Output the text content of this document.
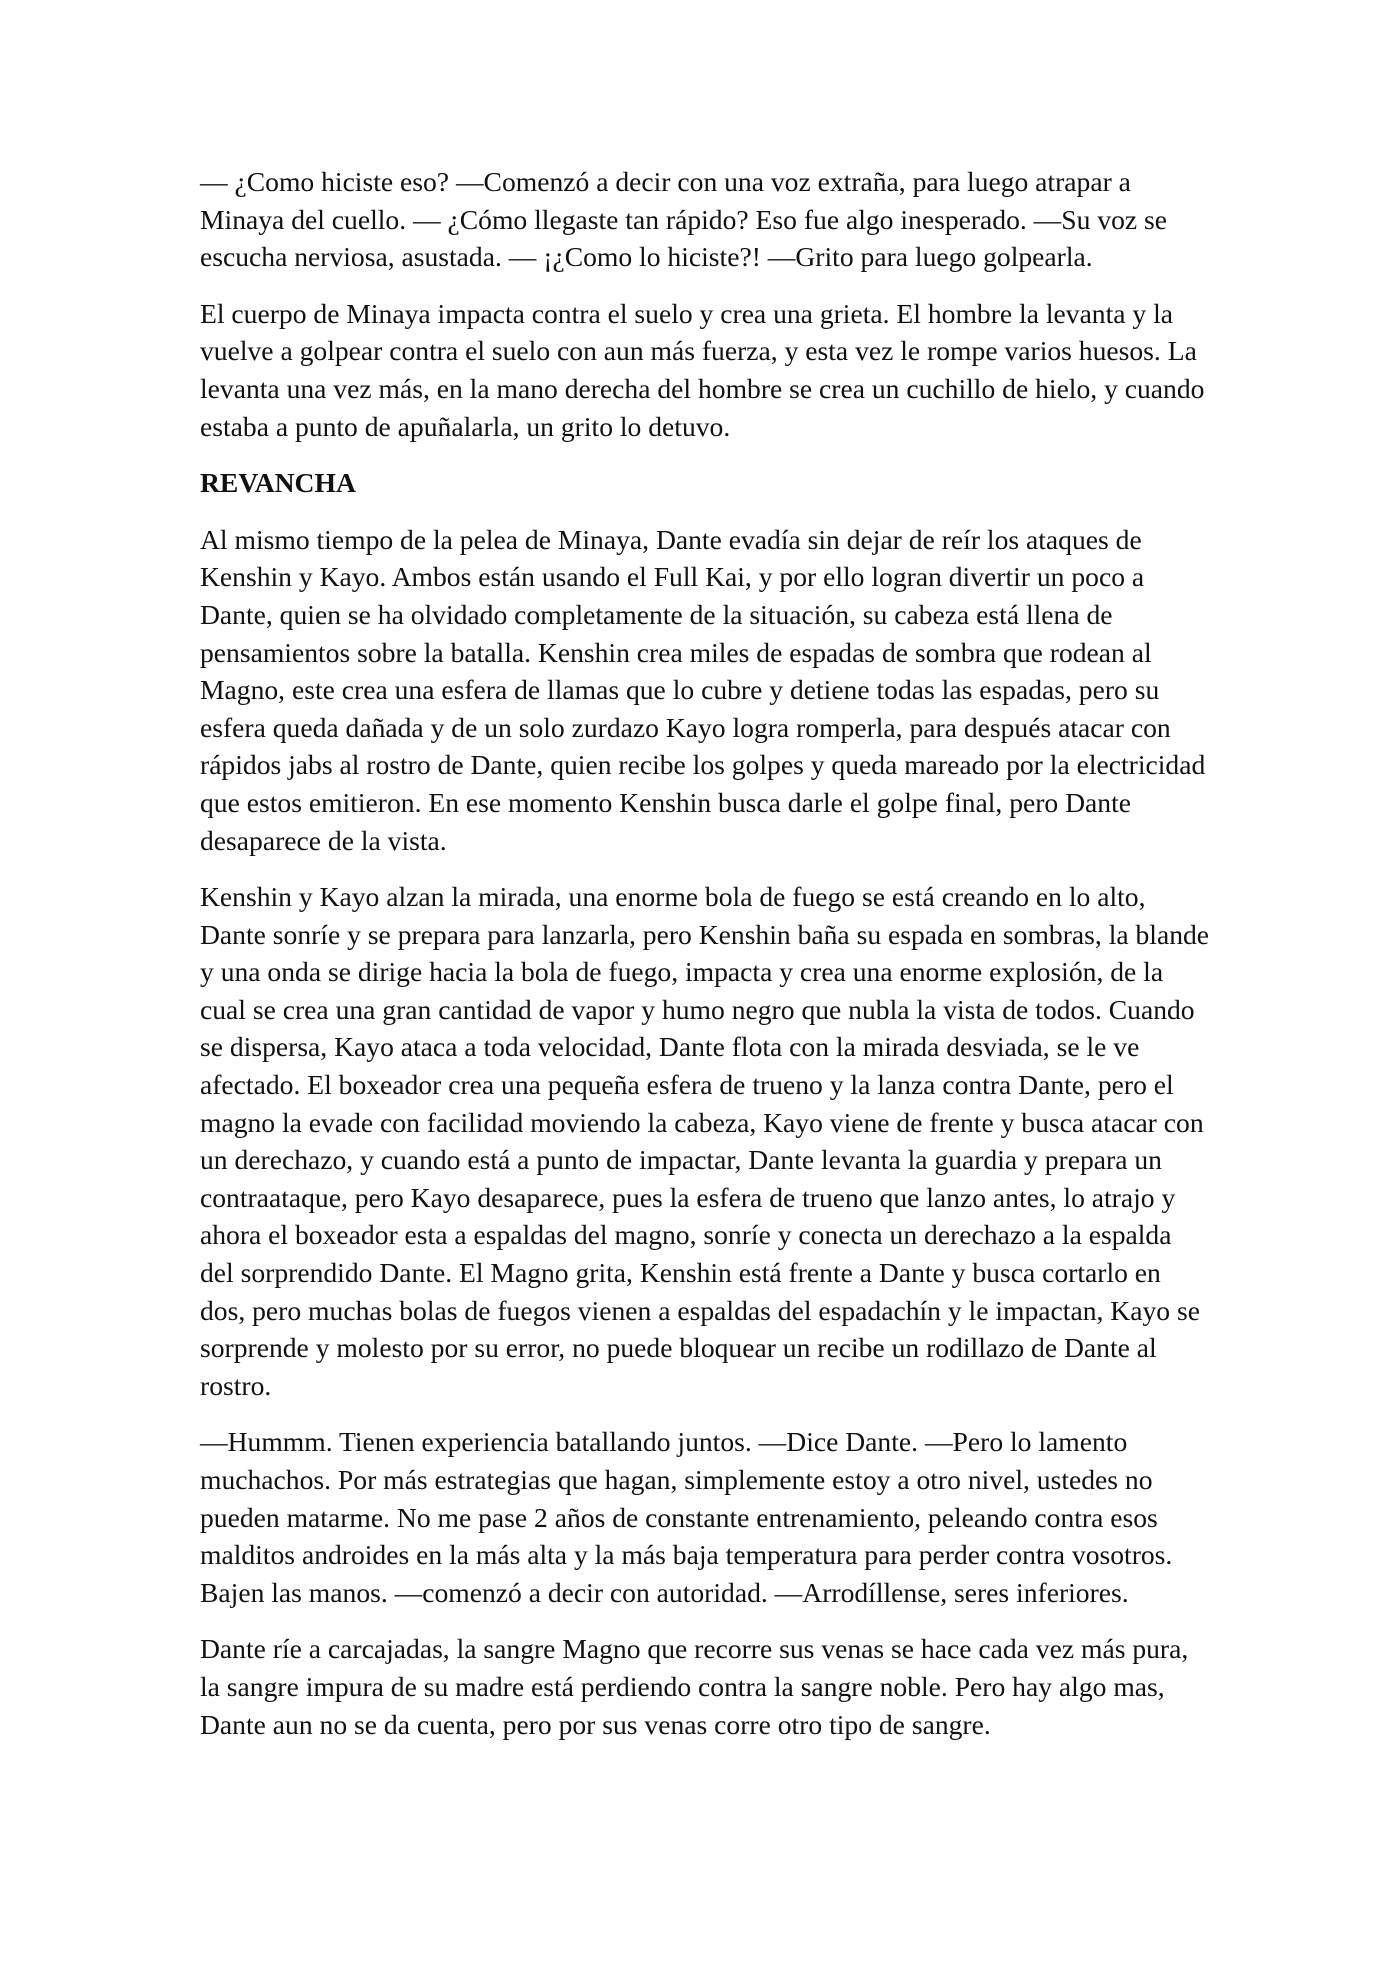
— ¿Como hiciste eso? —Comenzó a decir con una voz extraña, para luego atrapar a Minaya del cuello. — ¿Cómo llegaste tan rápido? Eso fue algo inesperado. —Su voz se escucha nerviosa, asustada. — ¡¿Como lo hiciste?! —Grito para luego golpearla.

El cuerpo de Minaya impacta contra el suelo y crea una grieta. El hombre la levanta y la vuelve a golpear contra el suelo con aun más fuerza, y esta vez le rompe varios huesos. La levanta una vez más, en la mano derecha del hombre se crea un cuchillo de hielo, y cuando estaba a punto de apuñalarla, un grito lo detuvo.

REVANCHA

Al mismo tiempo de la pelea de Minaya, Dante evadía sin dejar de reír los ataques de Kenshin y Kayo. Ambos están usando el Full Kai, y por ello logran divertir un poco a Dante, quien se ha olvidado completamente de la situación, su cabeza está llena de pensamientos sobre la batalla. Kenshin crea miles de espadas de sombra que rodean al Magno, este crea una esfera de llamas que lo cubre y detiene todas las espadas, pero su esfera queda dañada y de un solo zurdazo Kayo logra romperla, para después atacar con rápidos jabs al rostro de Dante, quien recibe los golpes y queda mareado por la electricidad que estos emitieron. En ese momento Kenshin busca darle el golpe final, pero Dante desaparece de la vista.

Kenshin y Kayo alzan la mirada, una enorme bola de fuego se está creando en lo alto, Dante sonríe y se prepara para lanzarla, pero Kenshin baña su espada en sombras, la blande y una onda se dirige hacia la bola de fuego, impacta y crea una enorme explosión, de la cual se crea una gran cantidad de vapor y humo negro que nubla la vista de todos. Cuando se dispersa, Kayo ataca a toda velocidad, Dante flota con la mirada desviada, se le ve afectado. El boxeador crea una pequeña esfera de trueno y la lanza contra Dante, pero el magno la evade con facilidad moviendo la cabeza, Kayo viene de frente y busca atacar con un derechazo, y cuando está a punto de impactar, Dante levanta la guardia y prepara un contraataque, pero Kayo desaparece, pues la esfera de trueno que lanzo antes, lo atrajo y ahora el boxeador esta a espaldas del magno, sonríe y conecta un derechazo a la espalda del sorprendido Dante. El Magno grita, Kenshin está frente a Dante y busca cortarlo en dos, pero muchas bolas de fuegos vienen a espaldas del espadachín y le impactan, Kayo se sorprende y molesto por su error, no puede bloquear un recibe un rodillazo de Dante al rostro.

—Hummm. Tienen experiencia batallando juntos. —Dice Dante. —Pero lo lamento muchachos. Por más estrategias que hagan, simplemente estoy a otro nivel, ustedes no pueden matarme. No me pase 2 años de constante entrenamiento, peleando contra esos malditos androides en la más alta y la más baja temperatura para perder contra vosotros. Bajen las manos. —comenzó a decir con autoridad. —Arrodíllense, seres inferiores.

Dante ríe a carcajadas, la sangre Magno que recorre sus venas se hace cada vez más pura, la sangre impura de su madre está perdiendo contra la sangre noble. Pero hay algo mas, Dante aun no se da cuenta, pero por sus venas corre otro tipo de sangre.
